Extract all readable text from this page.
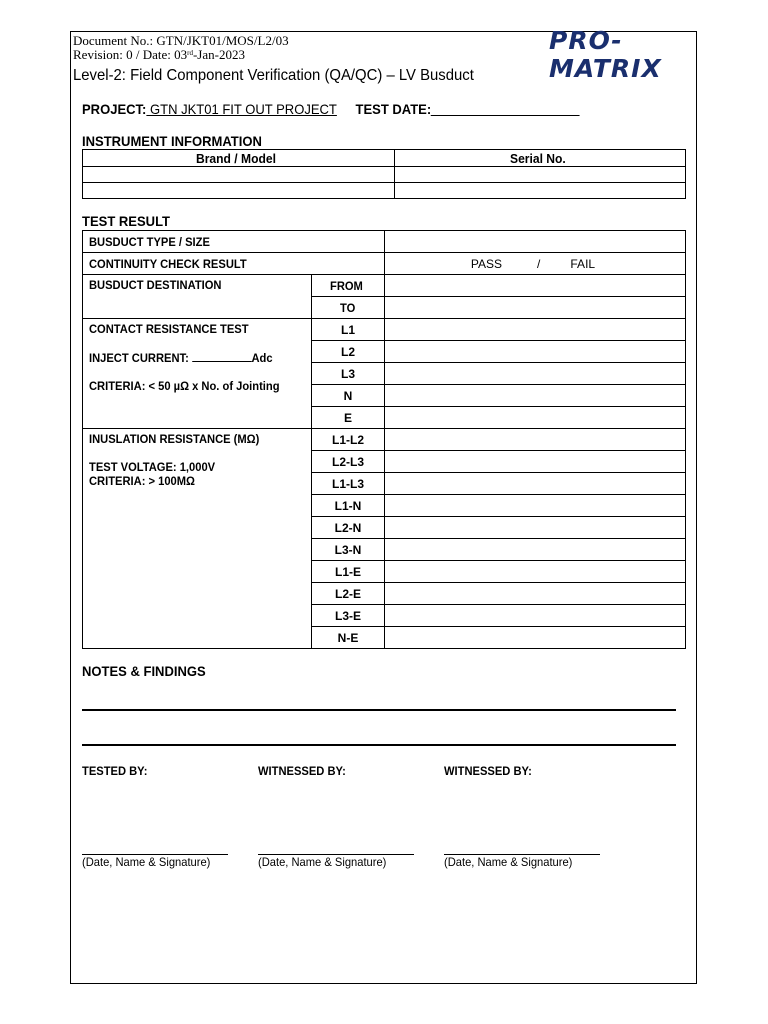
Document No.: GTN/JKT01/MOS/L2/03
Revision: 0 / Date: 03rd-Jan-2023	PRO-
MATRIX
Level-2: Field Component Verification (QA/QC) – LV Busduct
PROJECT: GTN JKT01 FIT OUT PROJECT TEST DATE:
INSTRUMENT INFORMATION
Brand / Model	Serial No.

TEST RESULT
BUSDUCT TYPE / SIZE		
CONTINUITY CHECK RESULT		PASS / FAIL
BUSDUCT DESTINATION	FROM	
	TO	
CONTACT RESISTANCE TEST
INJECT CURRENT: Adc
CRITERIA: < 50 µΩ x No. of Jointing	L1	
	L2	
	L3	
	N	
	E	
INUSLATION RESISTANCE (MΩ)
TEST VOLTAGE: 1,000V CRITERIA: > 100MΩ	L1-L2	
	L2-L3	
	L1-L3	
	L1-N	
	L2-N	
	L3-N	
	L1-E	
	L2-E	
	L3-E	
	N-E	
NOTES & FINDINGS
TESTED BY:	WITNESSED BY:	WITNESSED BY:
(Date, Name & Signature)	(Date, Name & Signature)	(Date, Name & Signature)
